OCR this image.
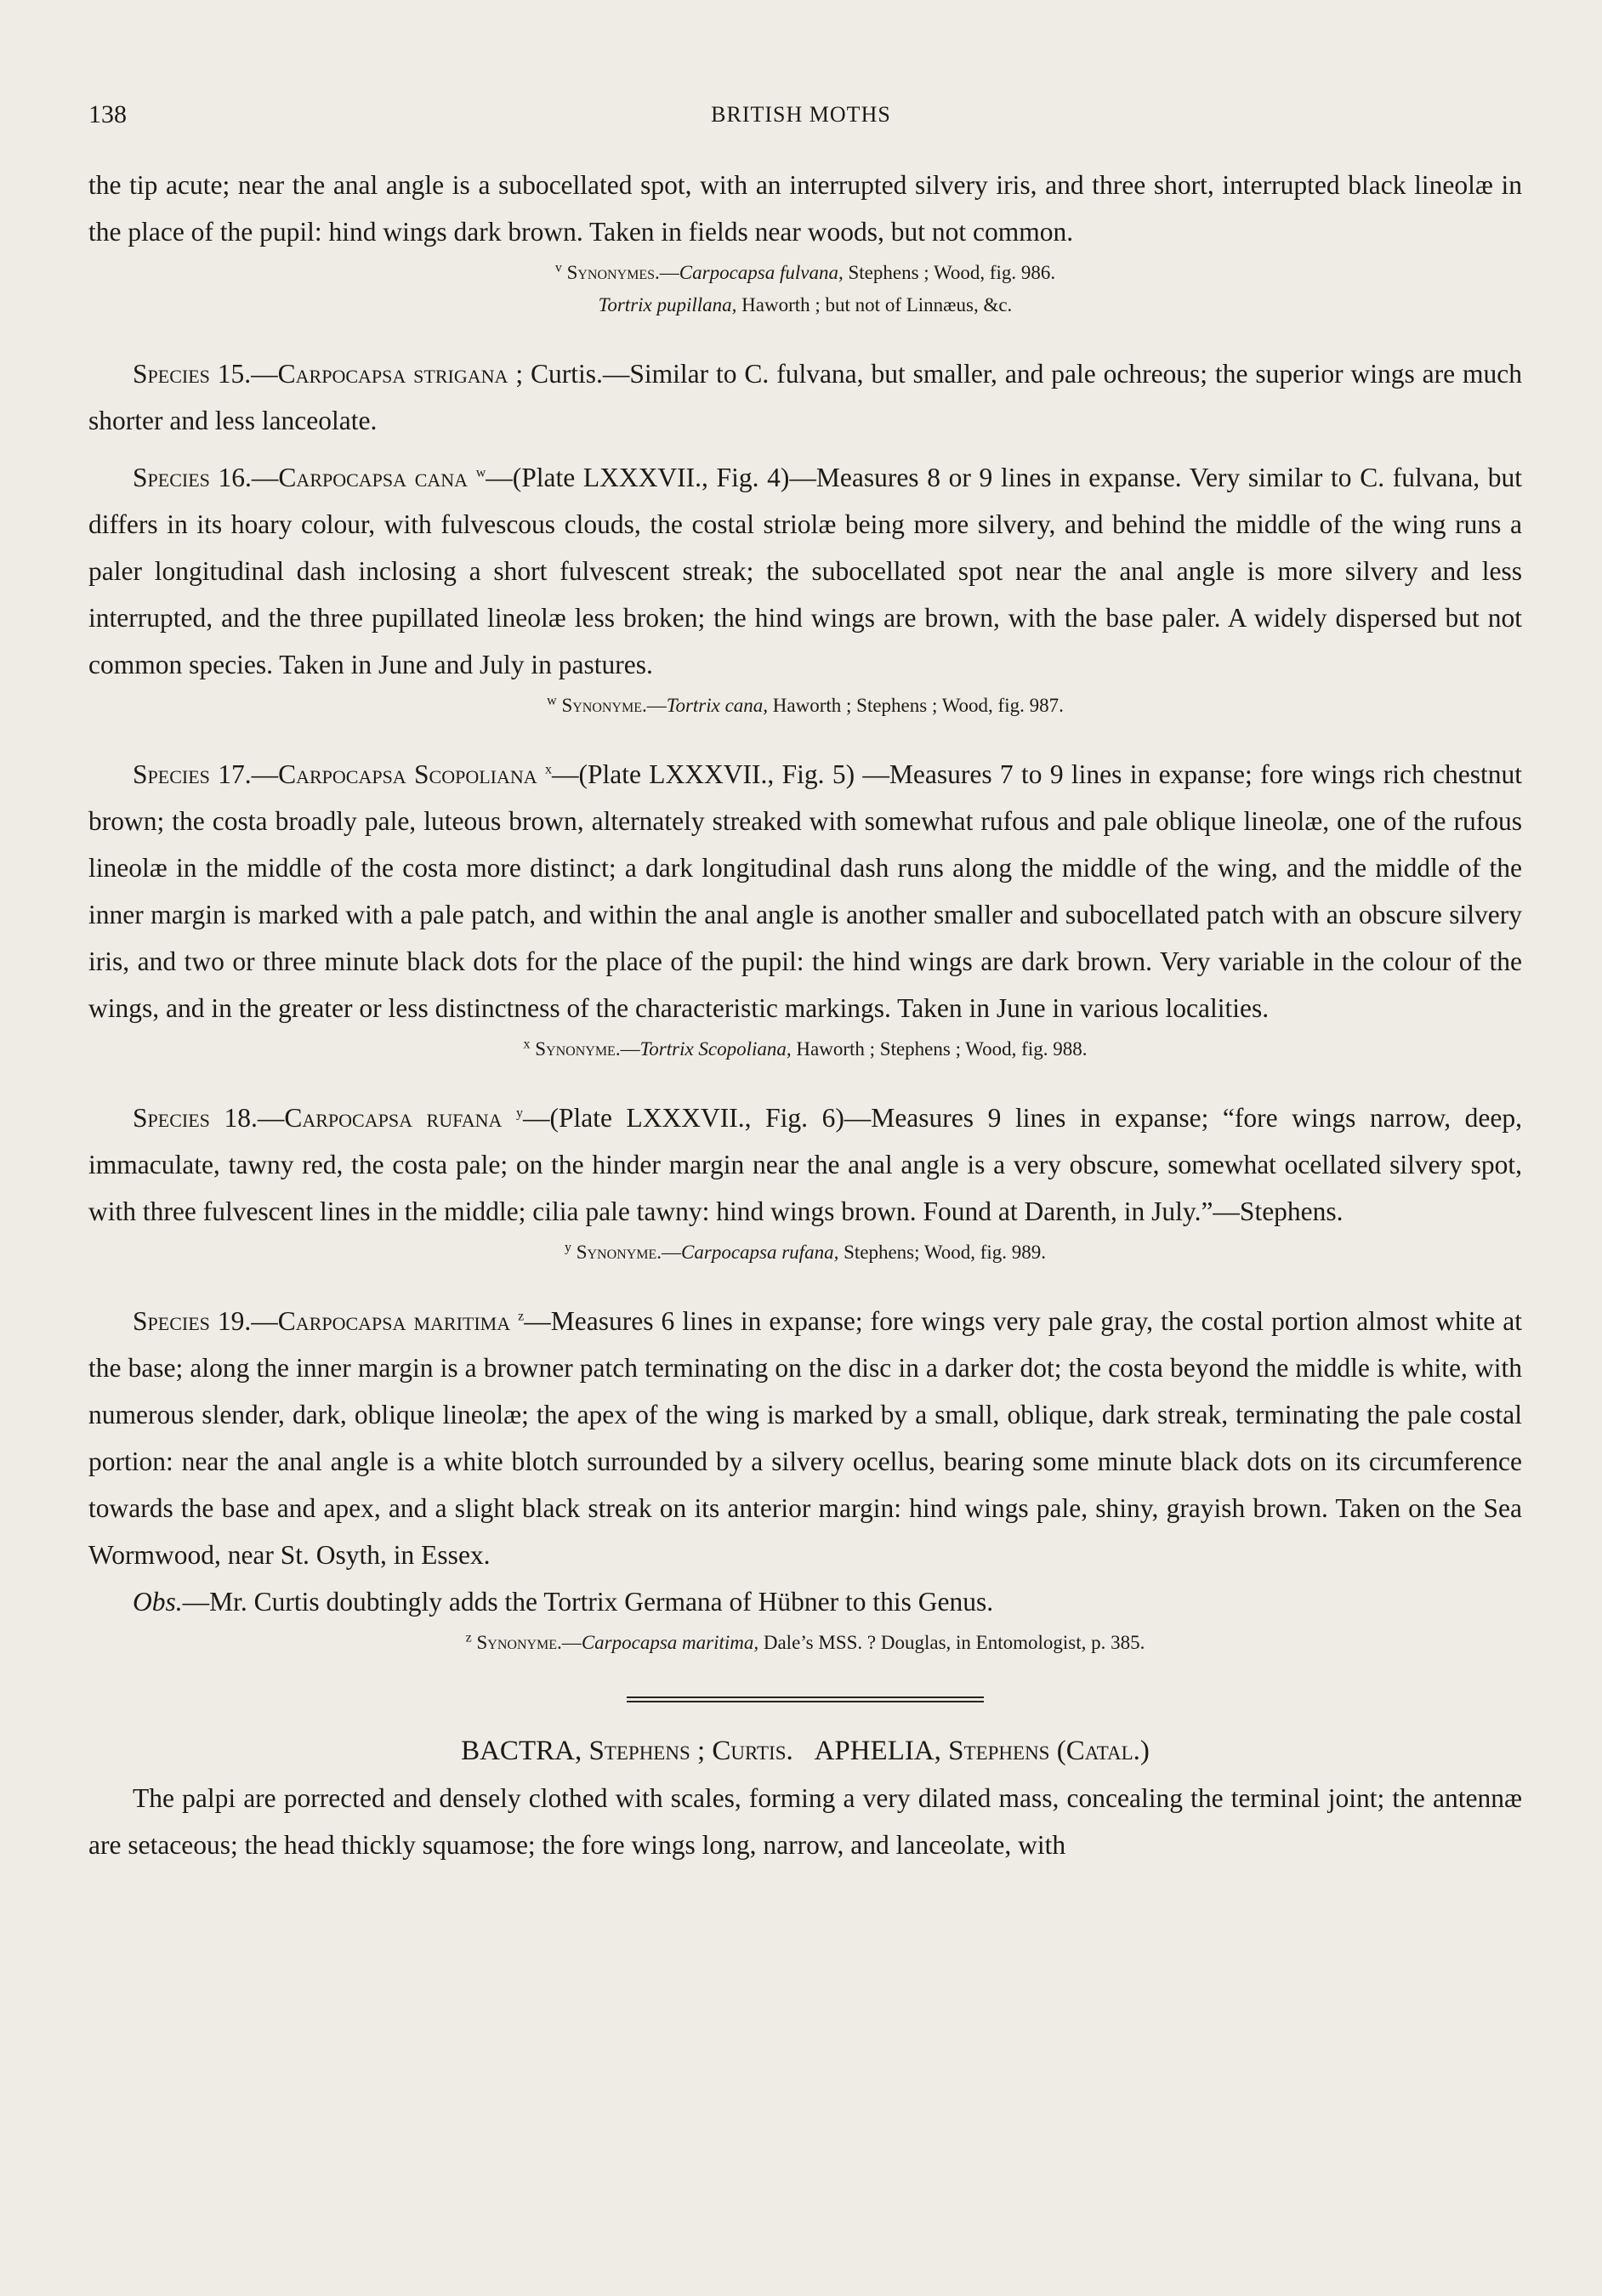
138	BRITISH MOTHS

the tip acute; near the anal angle is a subocellated spot, with an interrupted silvery iris, and three short, interrupted black lineolæ in the place of the pupil: hind wings dark brown. Taken in fields near woods, but not common.

$^v$ Synonymes.—Carpocapsa fulvana, Stephens ; Wood, fig. 986.
Tortrix pupillana, Haworth ; but not of Linnæus, &c.

Species 15.—Carpocapsa strigana ; Curtis.—Similar to C. fulvana, but smaller, and pale ochreous; the superior wings are much shorter and less lanceolate.

Species 16.—Carpocapsa cana $^w$—(Plate LXXXVII., Fig. 4)—Measures 8 or 9 lines in expanse. Very similar to C. fulvana, but differs in its hoary colour, with fulvescous clouds, the costal striolæ being more silvery, and behind the middle of the wing runs a paler longitudinal dash inclosing a short fulvescent streak; the subocellated spot near the anal angle is more silvery and less interrupted, and the three pupillated lineolæ less broken; the hind wings are brown, with the base paler. A widely dispersed but not common species. Taken in June and July in pastures.

$^w$ Synonyme.—Tortrix cana, Haworth ; Stephens ; Wood, fig. 987.

Species 17.—Carpocapsa Scopoliana $^x$—(Plate LXXXVII., Fig. 5) —Measures 7 to 9 lines in expanse; fore wings rich chestnut brown; the costa broadly pale, luteous brown, alternately streaked with somewhat rufous and pale oblique lineolæ, one of the rufous lineolæ in the middle of the costa more distinct; a dark longitudinal dash runs along the middle of the wing, and the middle of the inner margin is marked with a pale patch, and within the anal angle is another smaller and subocellated patch with an obscure silvery iris, and two or three minute black dots for the place of the pupil: the hind wings are dark brown. Very variable in the colour of the wings, and in the greater or less distinctness of the characteristic markings. Taken in June in various localities.

$^x$ Synonyme.—Tortrix Scopoliana, Haworth ; Stephens ; Wood, fig. 988.

Species 18.—Carpocapsa rufana $^y$—(Plate LXXXVII., Fig. 6)—Measures 9 lines in expanse; “fore wings narrow, deep, immaculate, tawny red, the costa pale; on the hinder margin near the anal angle is a very obscure, somewhat ocellated silvery spot, with three fulvescent lines in the middle; cilia pale tawny: hind wings brown. Found at Darenth, in July.”—Stephens.

$^y$ Synonyme.—Carpocapsa rufana, Stephens; Wood, fig. 989.

Species 19.—Carpocapsa maritima $^z$—Measures 6 lines in expanse; fore wings very pale gray, the costal portion almost white at the base; along the inner margin is a browner patch terminating on the disc in a darker dot; the costa beyond the middle is white, with numerous slender, dark, oblique lineolæ; the apex of the wing is marked by a small, oblique, dark streak, terminating the pale costal portion: near the anal angle is a white blotch surrounded by a silvery ocellus, bearing some minute black dots on its circumference towards the base and apex, and a slight black streak on its anterior margin: hind wings pale, shiny, grayish brown. Taken on the Sea Wormwood, near St. Osyth, in Essex.

Obs.—Mr. Curtis doubtingly adds the Tortrix Germana of Hübner to this Genus.

$^z$ Synonyme.—Carpocapsa maritima, Dale’s MSS. ? Douglas, in Entomologist, p. 385.
BACTRA, Stephens ; Curtis. APHELIA, Stephens (Catal.)

The palpi are porrected and densely clothed with scales, forming a very dilated mass, concealing the terminal joint; the antennæ are setaceous; the head thickly squamose; the fore wings long, narrow, and lanceolate, with
